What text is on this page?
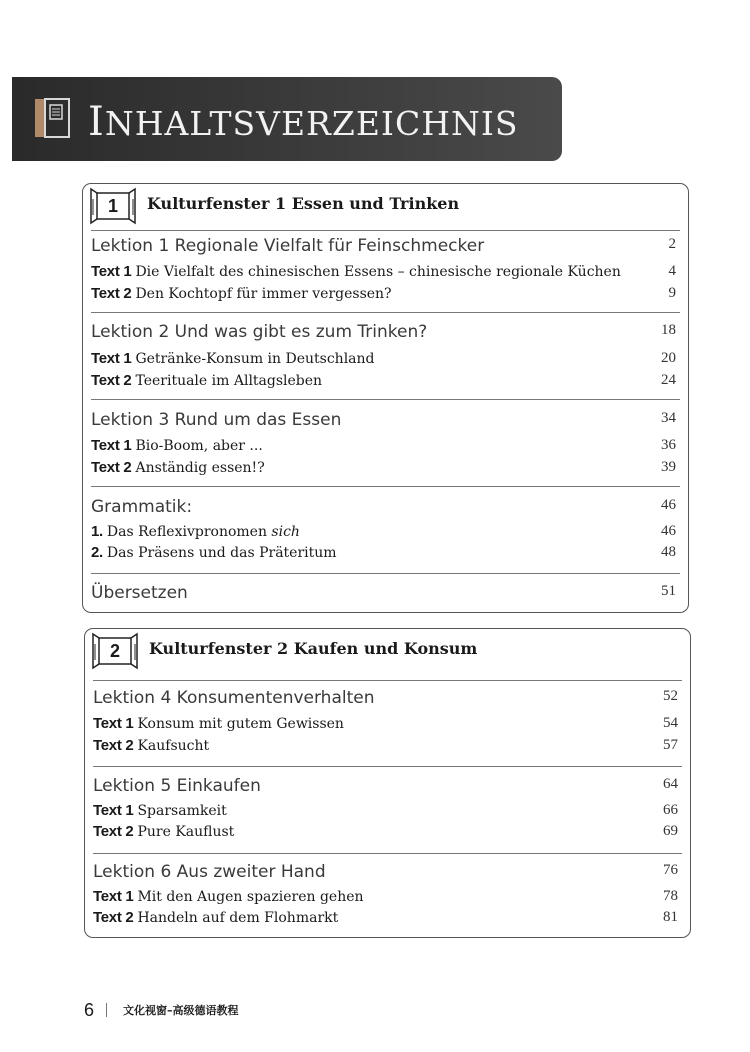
INHALTSVERZEICHNIS
1	Kulturfenster 1 Essen und Trinken
Lektion 1 Regionale Vielfalt für Feinschmecker	2
Text 1 Die Vielfalt des chinesischen Essens – chinesische regionale Küchen	4
Text 2 Den Kochtopf für immer vergessen?	9
Lektion 2 Und was gibt es zum Trinken?	18
Text 1 Getränke-Konsum in Deutschland	20
Text 2 Teerituale im Alltagsleben	24
Lektion 3 Rund um das Essen	34
Text 1 Bio-Boom, aber ...	36
Text 2 Anständig essen!?	39
Grammatik:	46
1. Das Reflexivpronomen sich	46
2. Das Präsens und das Präteritum	48
Übersetzen	51
2	Kulturfenster 2 Kaufen und Konsum
Lektion 4 Konsumentenverhalten	52
Text 1 Konsum mit gutem Gewissen	54
Text 2 Kaufsucht	57
Lektion 5 Einkaufen	64
Text 1 Sparsamkeit	66
Text 2 Pure Kauflust	69
Lektion 6 Aus zweiter Hand	76
Text 1 Mit den Augen spazieren gehen	78
Text 2 Handeln auf dem Flohmarkt	81
6	文化视窗–高级德语教程
